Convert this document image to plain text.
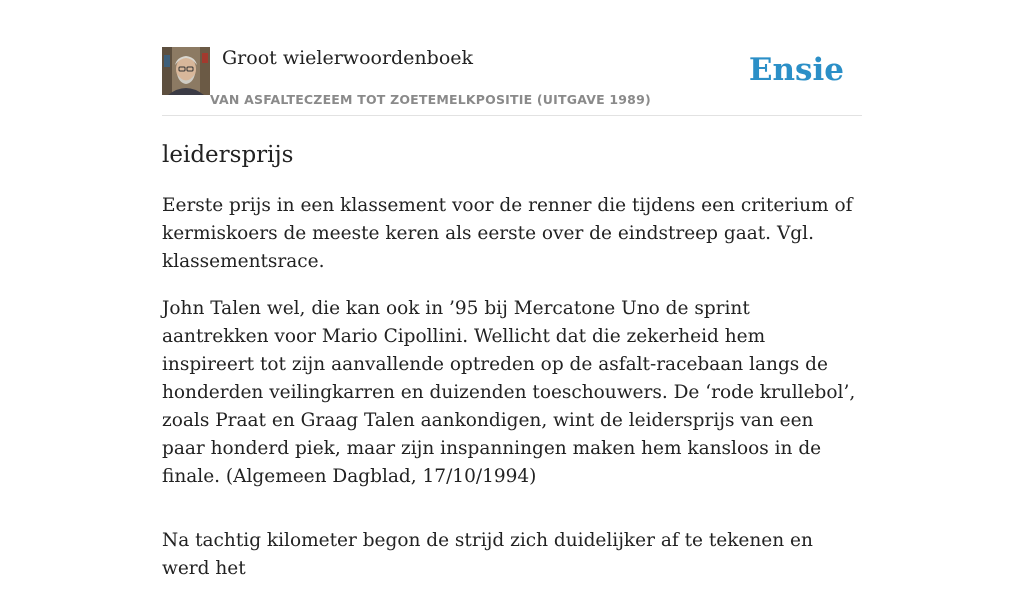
Groot wielerwoordenboek
VAN ASFALTECZEEM TOT ZOETEMELKPOSITIE (UITGAVE 1989)
Ensie
leidersprijs

Eerste prijs in een klassement voor de renner die tijdens een criterium of kermiskoers de meeste keren als eerste over de eindstreep gaat. Vgl. klassementsrace.

John Talen wel, die kan ook in ’95 bij Mercatone Uno de sprint aantrekken voor Mario Cipollini. Wellicht dat die zekerheid hem inspireert tot zijn aanvallende optreden op de asfalt-racebaan langs de honderden veilingkarren en duizenden toeschouwers. De ‘rode krullebol’, zoals Praat en Graag Talen aankondigen, wint de leidersprijs van een paar honderd piek, maar zijn inspanningen maken hem kansloos in de finale. (Algemeen Dagblad, 17/10/1994)

Na tachtig kilometer begon de strijd zich duidelijker af te tekenen en werd het
